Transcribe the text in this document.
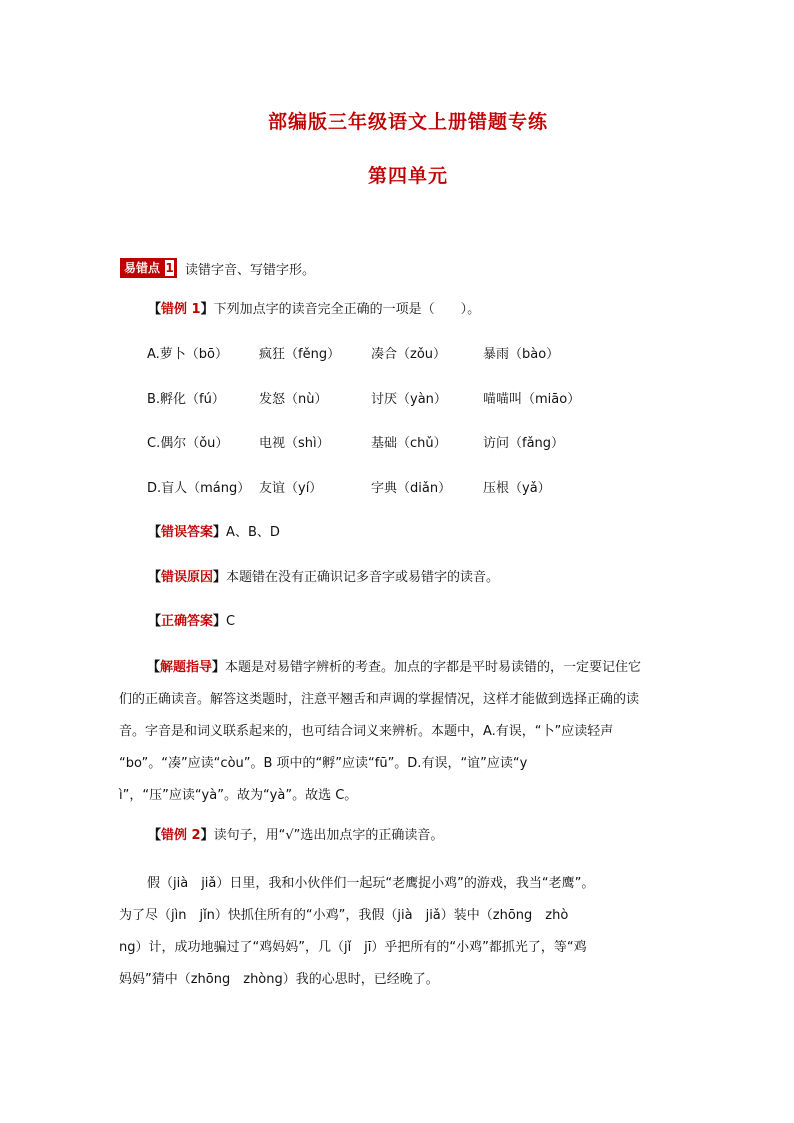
部编版三年级语文上册错题专练
第四单元
易错点 1 读错字音、写错字形。
【错例 1】下列加点字的读音完全正确的一项是（　　）。
A.萝卜（bō） 疯狂（fěng） 凑合（zǒu）	暴雨（bào）
B.孵化（fú）	发怒（nù）	讨厌（yàn）	喵喵叫（miāo）
C.偶尔（ǒu） 电视（shì）	基础（chǔ）	访问（fǎng）
D.盲人（máng） 友谊（yí）	字典（diǎn） 压根（yǎ）
【错误答案】A、B、D
【错误原因】本题错在没有正确识记多音字或易错字的读音。
【正确答案】C
【解题指导】本题是对易错字辨析的考查。加点的字都是平时易读错的，一定要记住它
们的正确读音。解答这类题时，注意平翘舌和声调的掌握情况，这样才能做到选择正确的读
音。字音是和词义联系起来的，也可结合词义来辨析。本题中，A.有误，“卜”应读轻声
“bo”。“凑”应读“còu”。B 项中的“孵”应读“fū”。D.有误，“谊”应读“y
ì”，“压”应读“yà”。故为“yà”。故选 C。
【错例 2】读句子，用“√”选出加点字的正确读音。
假（jià　jiǎ）日里，我和小伙伴们一起玩“老鹰捉小鸡”的游戏，我当“老鹰”。
为了尽（jìn　jǐn）快抓住所有的“小鸡”，我假（jià　jiǎ）装中（zhōng　zhò
ng）计，成功地骗过了“鸡妈妈”，几（jǐ　jī）乎把所有的“小鸡”都抓光了，等“鸡
妈妈”猜中（zhōng　zhòng）我的心思时，已经晚了。
